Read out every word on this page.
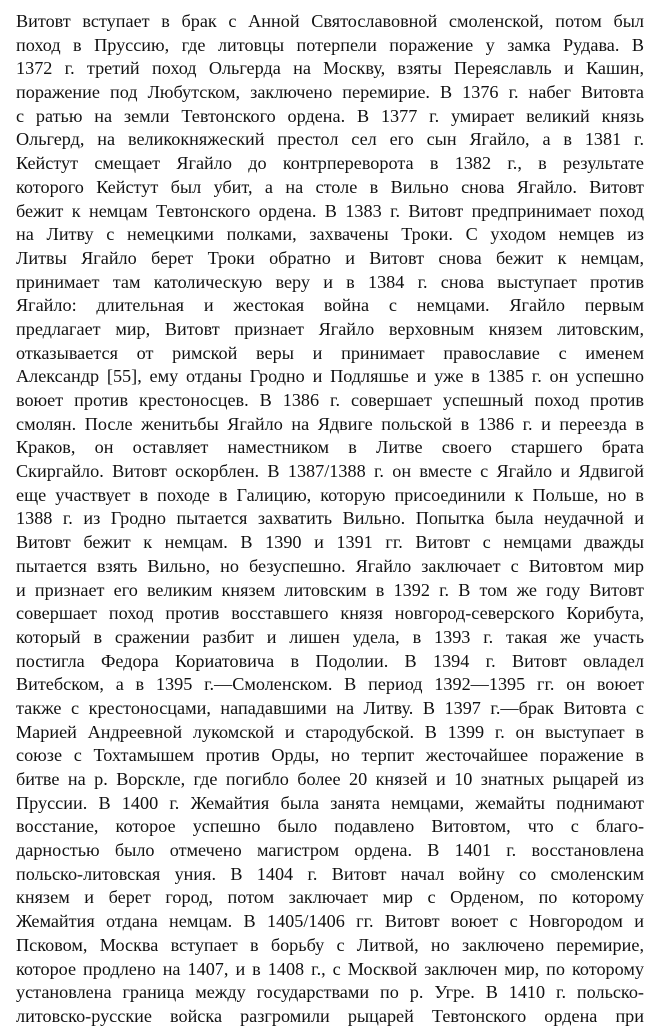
Витовт вступает в брак с Анной Святославовной смоленской, потом был
поход в Пруссию, где литовцы потерпели поражение у замка Рудава. В
1372 г. третий поход Ольгерда на Москву, взяты Переяславль и Кашин,
поражение под Любутском, заключено перемирие. В 1376 г. набег Витовта
с ратью на земли Тевтонского ордена. В 1377 г. умирает великий князь
Ольгерд, на великокняжеский престол сел его сын Ягайло, а в 1381 г.
Кейстут смещает Ягайло до контрпереворота в 1382 г., в результате
которого Кейстут был убит, а на столе в Вильно снова Ягайло. Витовт
бежит к немцам Тевтонского ордена. В 1383 г. Витовт предпринимает поход
на Литву с немецкими полками, захвачены Троки. С уходом немцев из
Литвы Ягайло берет Троки обратно и Витовт снова бежит к немцам,
принимает там католическую веру и в 1384 г. снова выступает против
Ягайло: длительная и жестокая война с немцами. Ягайло первым
предлагает мир, Витовт признает Ягайло верховным князем литовским,
отказывается от римской веры и принимает православие с именем
Александр [55], ему отданы Гродно и Подляшье и уже в 1385 г. он успешно
воюет против крестоносцев. В 1386 г. совершает успешный поход против
смолян. После женитьбы Ягайло на Ядвиге польской в 1386 г. и переезда в
Краков, он оставляет наместником в Литве своего старшего брата
Скиргайло. Витовт оскорблен. В 1387/1388 г. он вместе с Ягайло и Ядвигой
еще участвует в походе в Галицию, которую присоединили к Польше, но в
1388 г. из Гродно пытается захватить Вильно. Попытка была неудачной и
Витовт бежит к немцам. В 1390 и 1391 гг. Витовт с немцами дважды
пытается взять Вильно, но безуспешно. Ягайло заключает с Витовтом мир
и признает его великим князем литовским в 1392 г. В том же году Витовт
совершает поход против восставшего князя новгород-северского Корибута,
который в сражении разбит и лишен удела, в 1393 г. такая же участь
постигла Федора Кориатовича в Подолии. В 1394 г. Витовт овладел
Витебском, а в 1395 г.—Смоленском. В период 1392—1395 гг. он воюет
также с крестоносцами, нападавшими на Литву. В 1397 г.—брак Витовта с
Марией Андреевной лукомской и стародубской. В 1399 г. он выступает в
союзе с Тохтамышем против Орды, но терпит жесточайшее поражение в
битве на р. Ворскле, где погибло более 20 князей и 10 знатных рыцарей из
Пруссии. В 1400 г. Жемайтия была занята немцами, жемайты поднимают
восстание, которое успешно было подавлено Витовтом, что с благо-
дарностью было отмечено магистром ордена. В 1401 г. восстановлена
польско-литовская уния. В 1404 г. Витовт начал войну со смоленским
князем и берет город, потом заключает мир с Орденом, по которому
Жемайтия отдана немцам. В 1405/1406 гг. Витовт воюет с Новгородом и
Псковом, Москва вступает в борьбу с Литвой, но заключено перемирие,
которое продлено на 1407, и в 1408 г., с Москвой заключен мир, по которому
установлена граница между государствами по р. Угре. В 1410 г. польско-
литовско-русские войска разгромили рыцарей Тевтонского ордена при
